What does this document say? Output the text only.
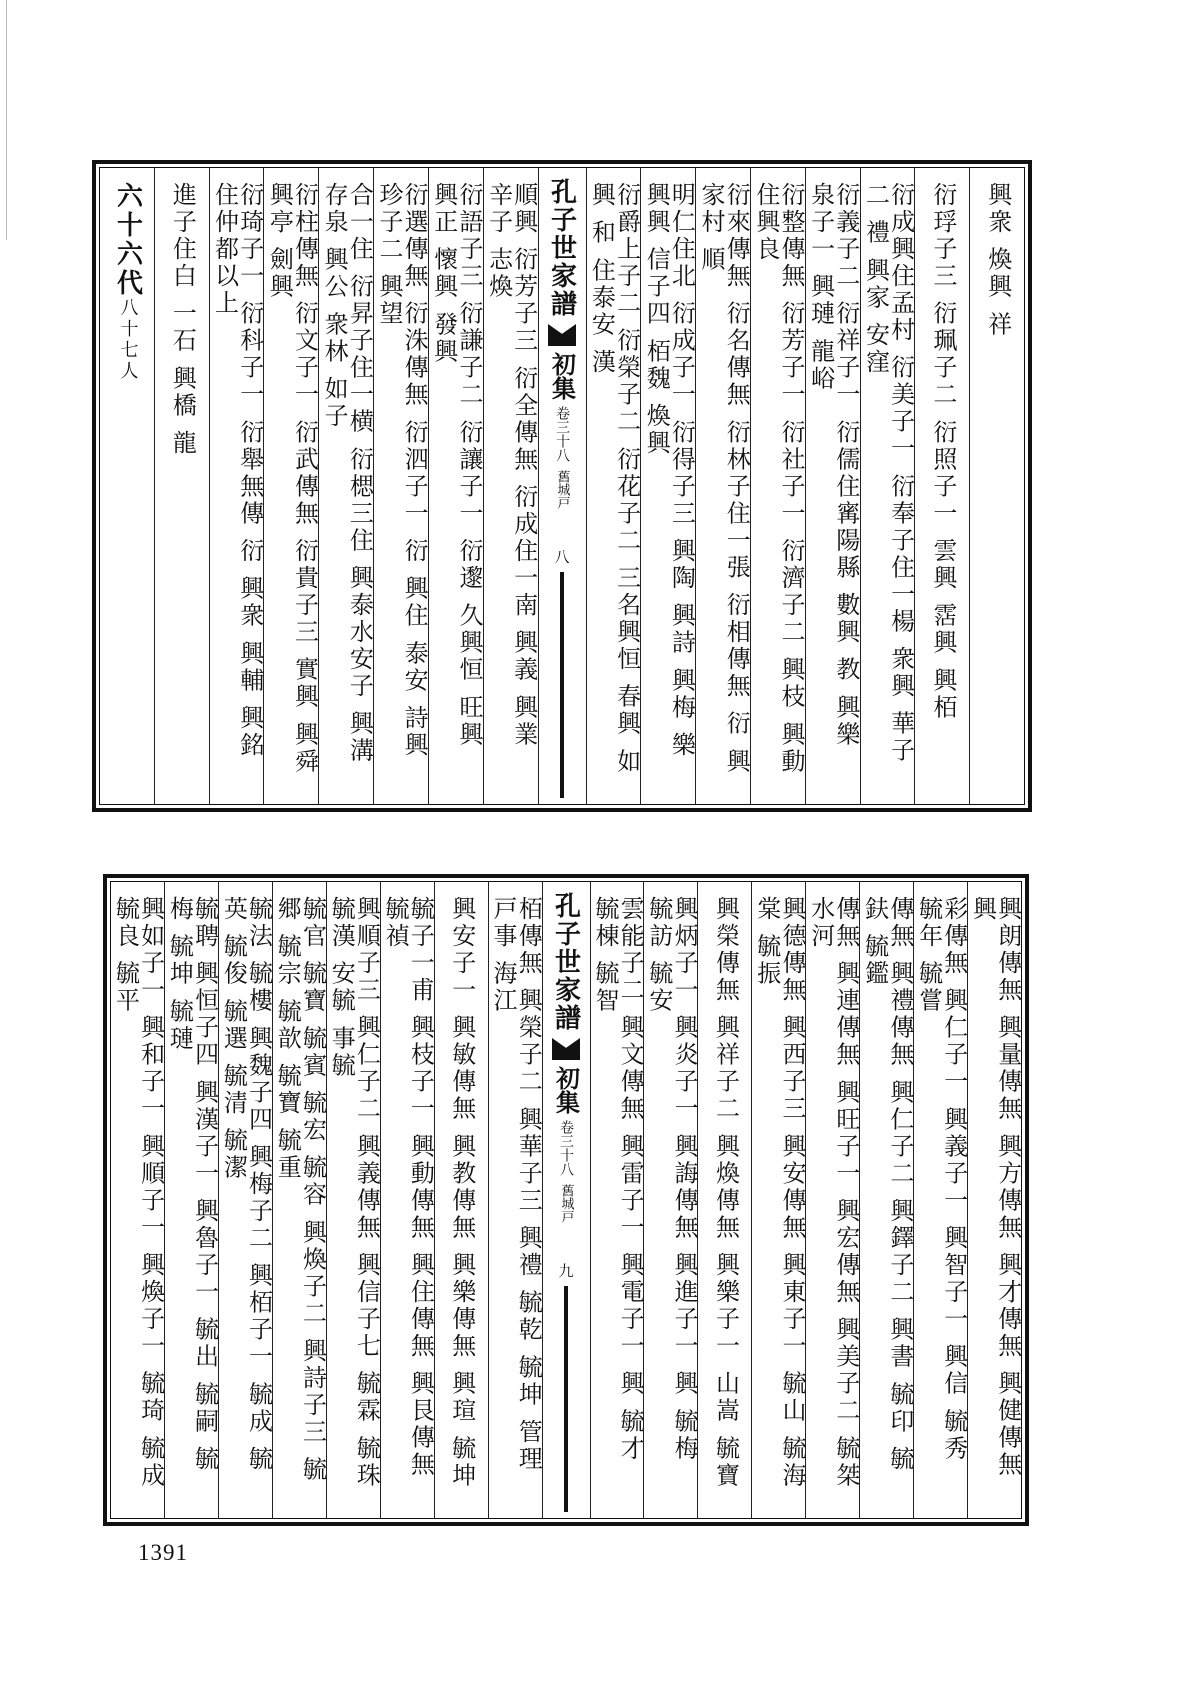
興衆 煥興 祥
衍琈子三 衍珮子二 衍照子一 雲興 霑興 興栢
衍成興住孟村 衍美子一 衍奉子住一楊 衆興 華子二 禮 興家 安窪
衍義子二 衍祥子一 衍儒住寗陽縣 數興 教 興樂 泉子一 興璉 龍峪
衍整傳無 衍芳子一 衍社子一 衍濟子二 興枝 興動 住興良
衍來傳無 衍名傳無 衍林子住一張 衍相傳無 衍 興家村 順
明仁住北 衍成子一 衍得子三 興陶 興詩 興梅 樂 興興 信子四 栢魏 煥興
衍爵上子二 衍榮子二 衍花子二 三名興恒 春興 如興 和 住泰安 漢
孔子世家譜
初集
卷三十八
舊城戸
八
順興 衍芳子三 衍全傳無 衍成住一南 興義 興業 辛子 志煥
衍語子三 衍謙子二 衍讓子一 衍邌 久興恒 旺興 興正 懷興 發興
衍選傳無 衍洙傳無 衍泗子一 衍 興住 泰安 詩興 珍子二 興望
合一住 衍昇子住一横 衍楒三住 興泰水安子 興溝 存泉 興公 衆林 如子
衍柱傳無 衍文子一 衍武傳無 衍貴子三 實興 興舜 興亭 劍興
衍琦子一 衍科子一 衍舉無傳 衍 興衆 興輔 興銘 住仲都以上
進子住白 一石 興橋 龍
六十六代八十七人
興朗傳無 興量傳無 興方傳無 興才傳無 興健傳無 興
彩傳無 興仁子一 興義子一 興智子一 興信 毓秀 毓年 毓嘗
傳無 興禮傳無 興仁子二 興鐸子二 興書 毓印 毓鈇 毓鑑
傳無 興連傳無 興旺子一 興宏傳無 興美子二 毓桀 水河
興德傳無 興西子三 興安傳無 興東子一 毓山 毓海棠 毓振
興榮傳無 興祥子二 興煥傳無 興樂子一 山嵩 毓寶
興炳子一 興炎子一 興誨傳無 興進子一 興 毓梅 毓訪 毓安
雲能子二 興文傳無 興雷子一 興電子一 興 毓才 毓棟 毓智
孔子世家譜
初集
卷三十八
舊城戸
九
栢傳無 興榮子二 興華子三 興禮 毓乾 毓坤 管理戸事 海江
興安子一 興敏傳無 興教傳無 興樂傳無 興瑄 毓坤
毓子一甫 興枝子一 興動傳無 興住傳無 興艮傳無 毓禎
興順子三 興仁子二 興義傳無 興信子七 毓霖 毓珠 毓漢 安毓 事毓
毓官 毓寶 毓賓 毓宏 毓容 興煥子二 興詩子三 毓郷 毓宗 毓歆 毓寶 毓重
毓法 毓樓 興魏子四 興梅子二 興栢子一 毓成 毓英 毓俊 毓選 毓清 毓潔
毓聘 興恒子四 興漢子一 興魯子一 毓出 毓嗣 毓梅 毓坤 毓璉
興如子一 興和子一 興順子一 興煥子一 毓琦 毓成 毓良 毓平
1391
